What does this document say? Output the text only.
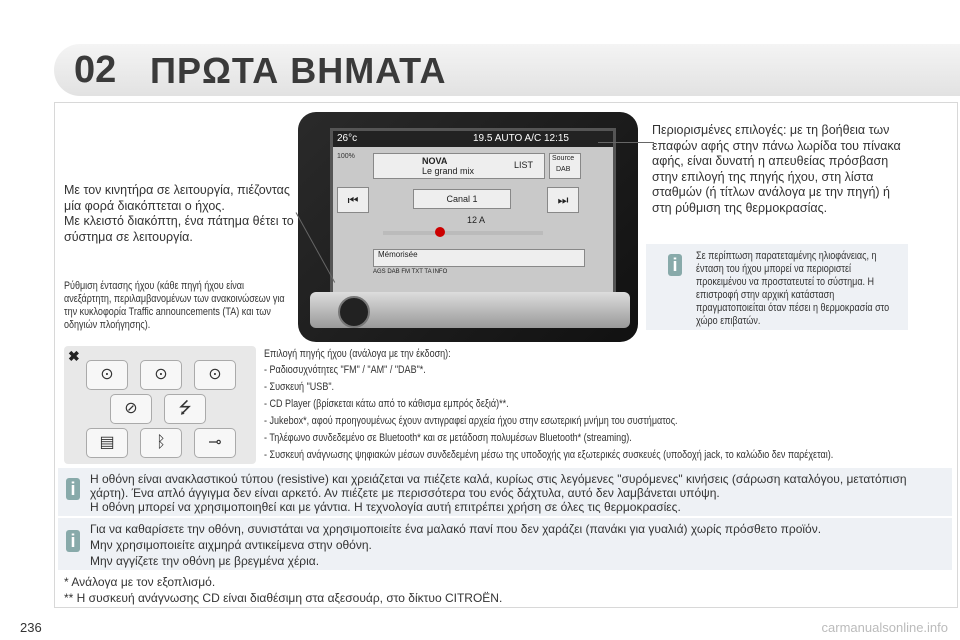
02 ΠΡΩΤΑ ΒΗΜΑΤΑ
Με τον κινητήρα σε λειτουργία, πιέζοντας μία φορά διακόπτεται ο ήχος.
Με κλειστό διακόπτη, ένα πάτημα θέτει το σύστημα σε λειτουργία.
Ρύθμιση έντασης ήχου (κάθε πηγή ήχου είναι ανεξάρτητη, περιλαμβανομένων των ανακοινώσεων για την κυκλοφορία Traffic announcements (TA) και των οδηγιών πλοήγησης).
26°c	19.5 AUTO A/C 12:15
NOVA
Le grand mix
LIST
Source
DAB
100%
⏮	⏭
Canal 1
12 A
Mémorisée
AGS DAB FM TXT TA INFO
Περιορισμένες επιλογές: με τη βοήθεια των επαφών αφής στην πάνω λωρίδα του πίνακα αφής, είναι δυνατή η απευθείας πρόσβαση στην επιλογή της πηγής ήχου, στη λίστα σταθμών (ή τίτλων ανάλογα με την πηγή) ή στη ρύθμιση της θερμοκρασίας.
i	Σε περίπτωση παρατεταμένης ηλιοφάνειας, η ένταση του ήχου μπορεί να περιοριστεί προκειμένου να προστατευτεί το σύστημα. Η επιστροφή στην αρχική κατάσταση πραγματοποιείται όταν πέσει η θερμοκρασία στο χώρο επιβατών.
✖
⊙	⊙	⊙
⊘	⭍
▤	ᛒ	⊸
Επιλογή πηγής ήχου (ανάλογα με την έκδοση):
- Ραδιοσυχνότητες "FM" / "AM" / "DAB"*.
- Συσκευή "USB".
- CD Player (βρίσκεται κάτω από το κάθισμα εμπρός δεξιά)**.
- Jukebox*, αφού προηγουμένως έχουν αντιγραφεί αρχεία ήχου στην εσωτερική μνήμη του συστήματος.
- Τηλέφωνο συνδεδεμένο σε Bluetooth* και σε μετάδοση πολυμέσων Bluetooth* (streaming).
- Συσκευή ανάγνωσης ψηφιακών μέσων συνδεδεμένη μέσω της υποδοχής για εξωτερικές συσκευές (υποδοχή jack, το καλώδιο δεν παρέχεται).
i	Η οθόνη είναι ανακλαστικού τύπου (resistive) και χρειάζεται να πιέζετε καλά, κυρίως στις λεγόμενες "συρόμενες" κινήσεις (σάρωση καταλόγου, μετατόπιση χάρτη). Ένα απλό άγγιγμα δεν είναι αρκετό. Αν πιέζετε με περισσότερα του ενός δάχτυλα, αυτό δεν λαμβάνεται υπόψη.
Η οθόνη μπορεί να χρησιμοποιηθεί και με γάντια. Η τεχνολογία αυτή επιτρέπει χρήση σε όλες τις θερμοκρασίες.
i
Για να καθαρίσετε την οθόνη, συνιστάται να χρησιμοποιείτε ένα μαλακό πανί που δεν χαράζει (πανάκι για γυαλιά) χωρίς πρόσθετο προϊόν.
Μην χρησιμοποιείτε αιχμηρά αντικείμενα στην οθόνη.
Μην αγγίζετε την οθόνη με βρεγμένα χέρια.
* Ανάλογα με τον εξοπλισμό.
** Η συσκευή ανάγνωσης CD είναι διαθέσιμη στα αξεσουάρ, στο δίκτυο CITROËN.
236	carmanualsonline.info
